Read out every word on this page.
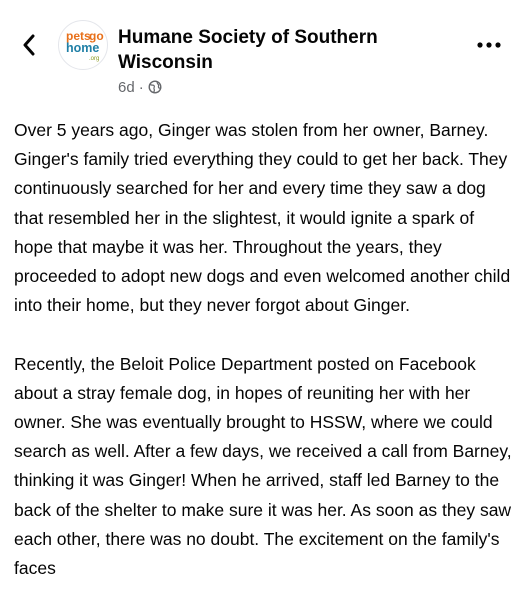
pets
go
home
.org
Humane Society of Southern Wisconsin
6d ·

Over 5 years ago, Ginger was stolen from her owner, Barney. Ginger's family tried everything they could to get her back. They continuously searched for her and every time they saw a dog that resembled her in the slightest, it would ignite a spark of hope that maybe it was her. Throughout the years, they proceeded to adopt new dogs and even welcomed another child into their home, but they never forgot about Ginger.

Recently, the Beloit Police Department posted on Facebook about a stray female dog, in hopes of reuniting her with her owner. She was eventually brought to HSSW, where we could search as well. After a few days, we received a call from Barney, thinking it was Ginger! When he arrived, staff led Barney to the back of the shelter to make sure it was her. As soon as they saw each other, there was no doubt. The excitement on the family's faces
